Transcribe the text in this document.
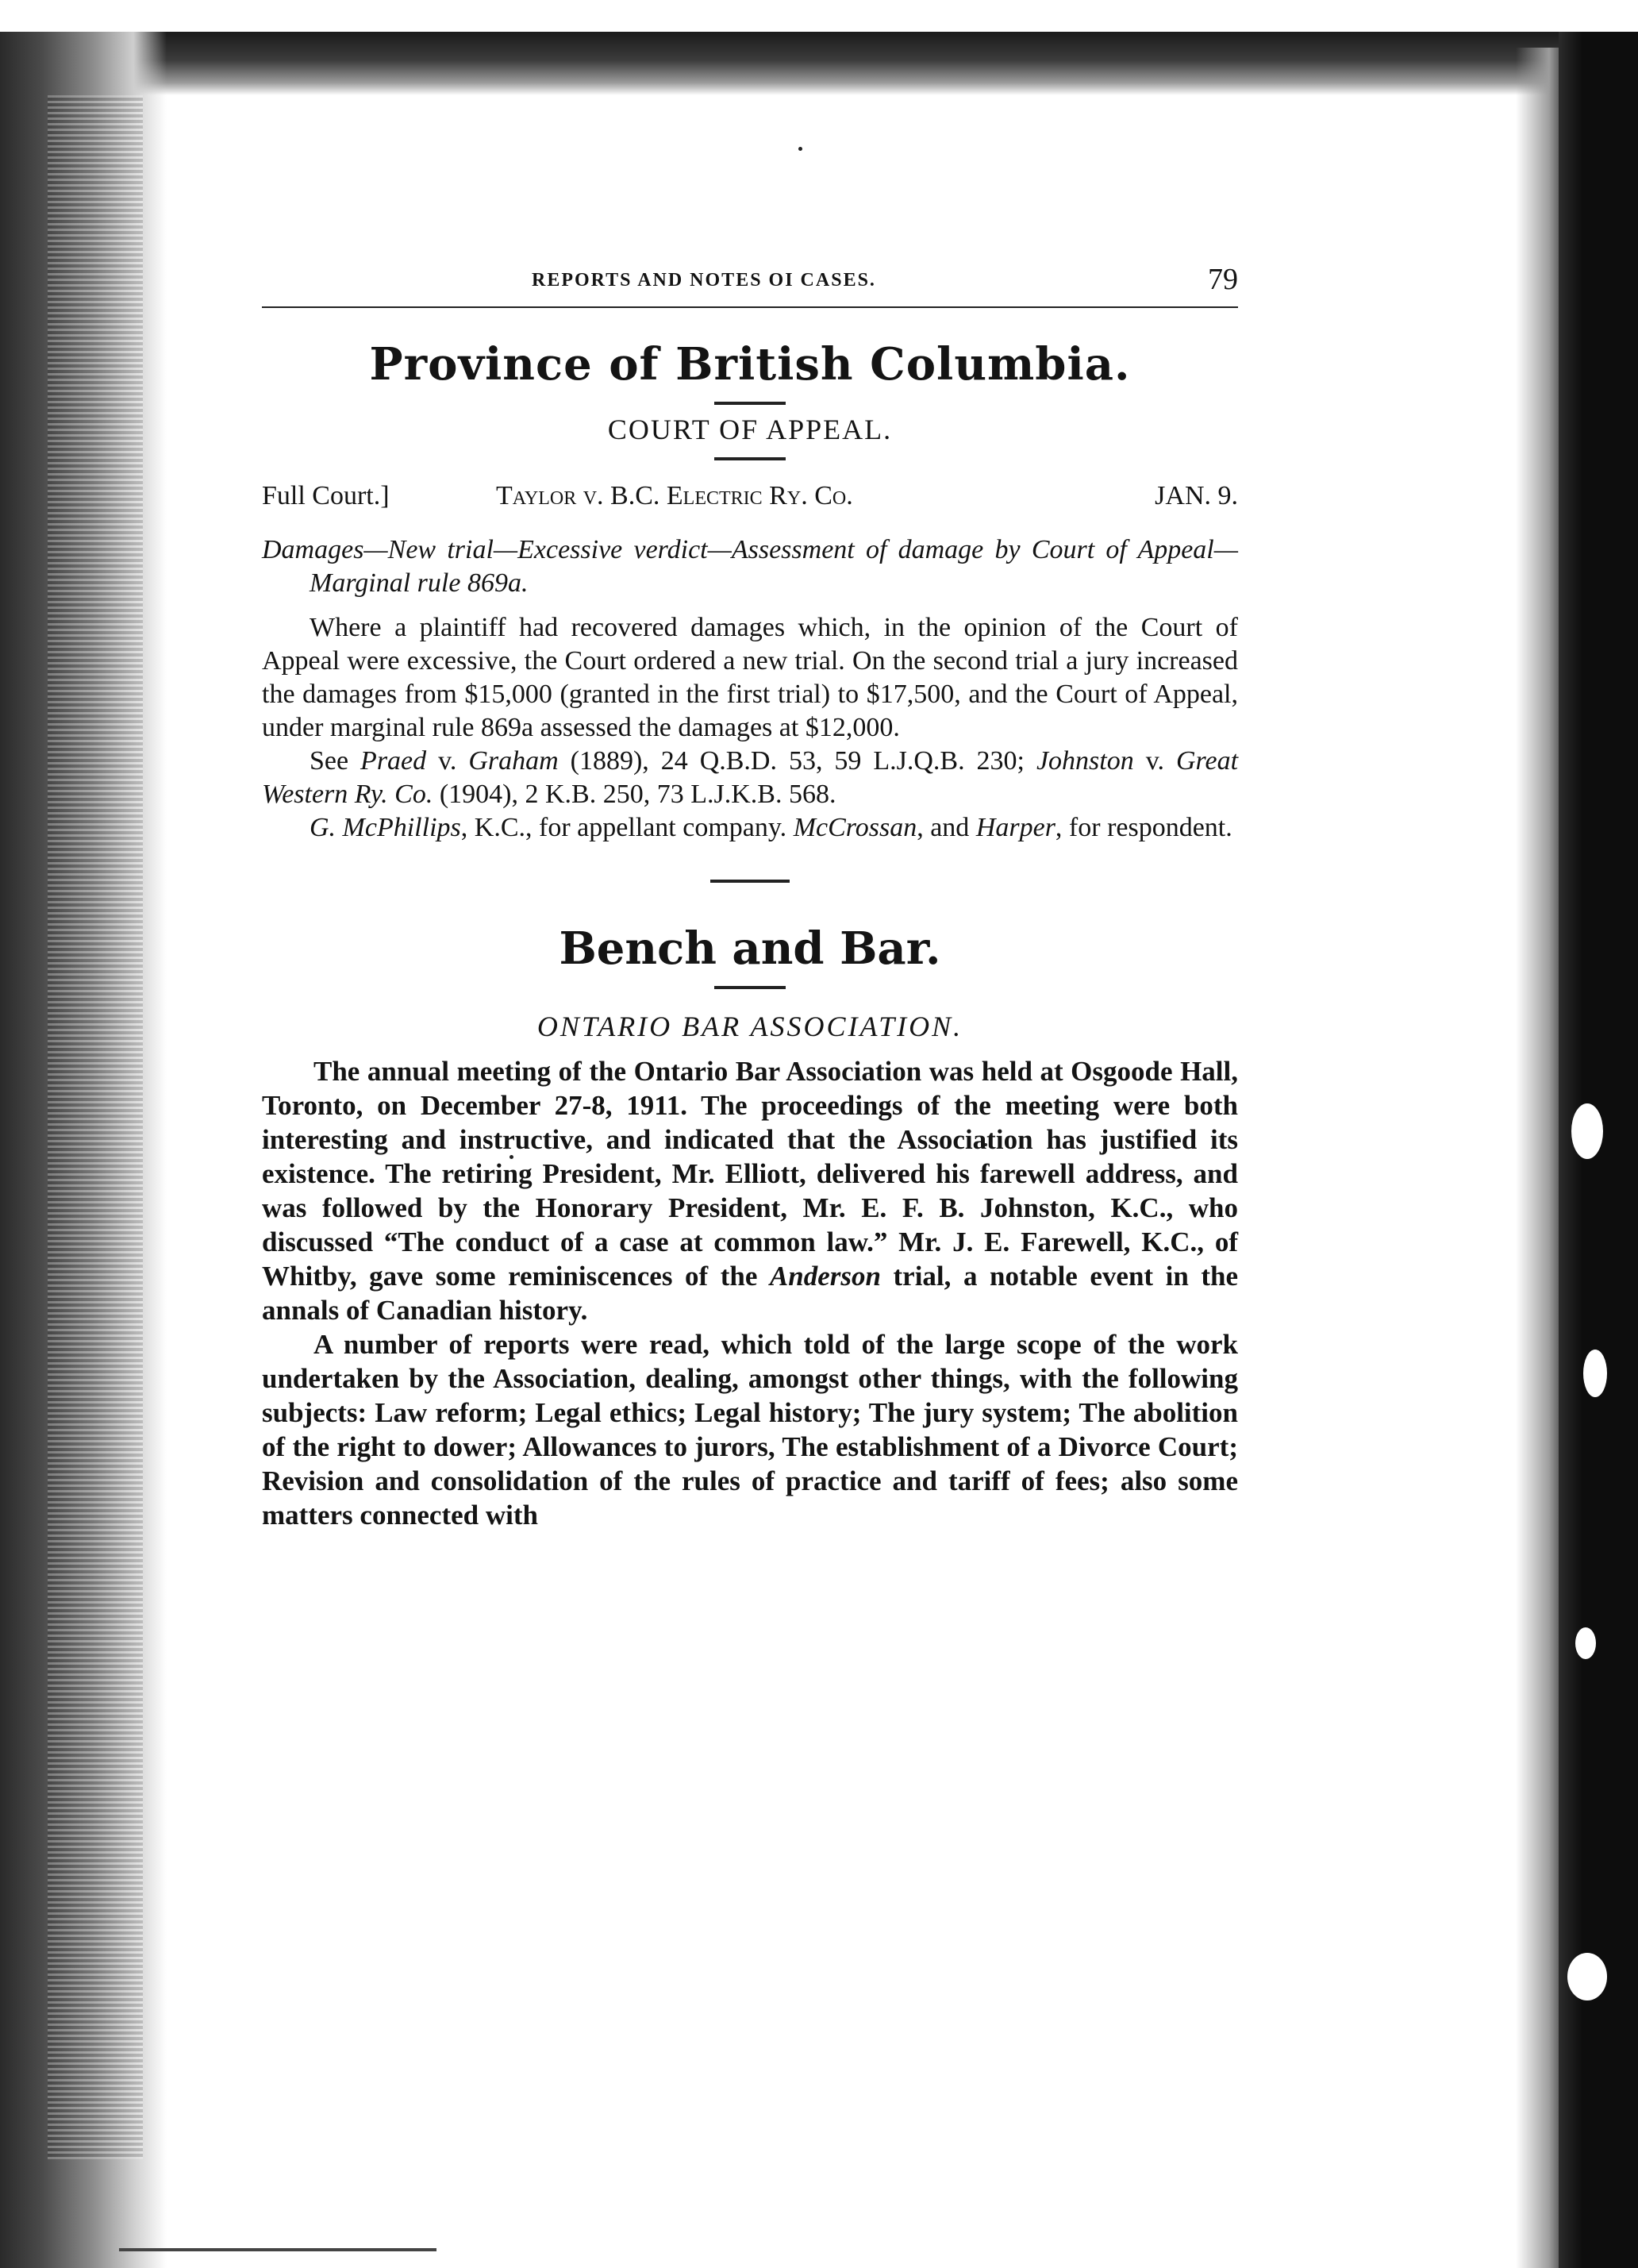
REPORTS AND NOTES OI CASES.	79
Province of British Columbia.
COURT OF APPEAL.
Full Court.]	Taylor v. B.C. Electric Ry. Co.	JAN. 9.
Damages—New trial—Excessive verdict—Assessment of damage by Court of Appeal—Marginal rule 869a.
Where a plaintiff had recovered damages which, in the opinion of the Court of Appeal were excessive, the Court ordered a new trial. On the second trial a jury increased the damages from $15,000 (granted in the first trial) to $17,500, and the Court of Appeal, under marginal rule 869a assessed the damages at $12,000.
See Praed v. Graham (1889), 24 Q.B.D. 53, 59 L.J.Q.B. 230; Johnston v. Great Western Ry. Co. (1904), 2 K.B. 250, 73 L.J.K.B. 568.
G. McPhillips, K.C., for appellant company. McCrossan, and Harper, for respondent.
Bench and Bar.
ONTARIO BAR ASSOCIATION.
The annual meeting of the Ontario Bar Association was held at Osgoode Hall, Toronto, on December 27-8, 1911. The proceedings of the meeting were both interesting and instructive, and indicated that the Association has justified its existence. The retiring President, Mr. Elliott, delivered his farewell address, and was followed by the Honorary President, Mr. E. F. B. Johnston, K.C., who discussed “The conduct of a case at common law.” Mr. J. E. Farewell, K.C., of Whitby, gave some reminiscences of the Anderson trial, a notable event in the annals of Canadian history.
A number of reports were read, which told of the large scope of the work undertaken by the Association, dealing, amongst other things, with the following subjects: Law reform; Legal ethics; Legal history; The jury system; The abolition of the right to dower; Allowances to jurors, The establishment of a Divorce Court; Revision and consolidation of the rules of practice and tariff of fees; also some matters connected with
